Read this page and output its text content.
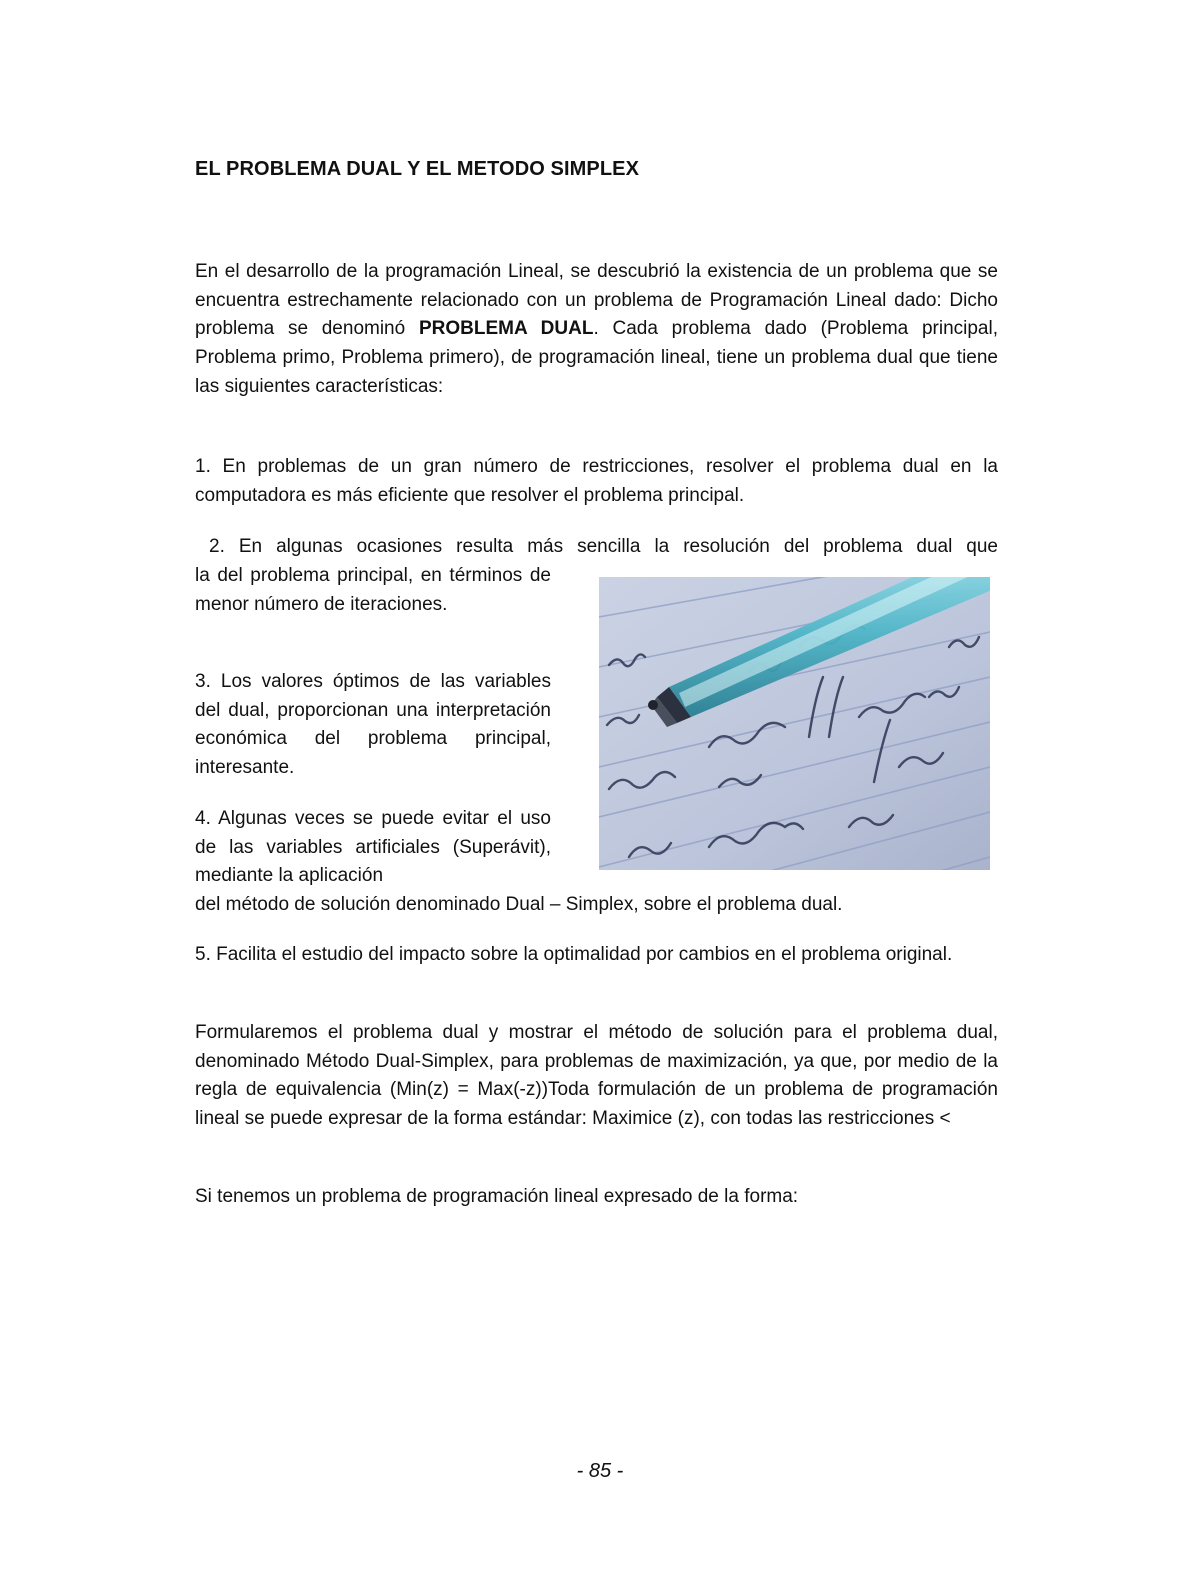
EL PROBLEMA DUAL Y EL METODO SIMPLEX
En el desarrollo de la programación Lineal, se descubrió la existencia de un problema que se encuentra estrechamente relacionado con un problema de Programación Lineal dado: Dicho problema se denominó PROBLEMA DUAL. Cada problema dado (Problema principal, Problema primo, Problema primero), de programación lineal, tiene un problema dual que tiene las siguientes características:
1. En problemas de un gran número de restricciones, resolver el problema dual en la computadora es más eficiente que resolver el problema principal.
2. En algunas ocasiones resulta más sencilla la resolución del problema dual que
la del problema principal, en términos de menor número de iteraciones.
3. Los valores óptimos de las variables del dual, proporcionan una interpretación económica del problema principal, interesante.
4. Algunas veces se puede evitar el uso de las variables artificiales (Superávit), mediante la aplicación
del método de solución denominado Dual – Simplex, sobre el problema dual.
5. Facilita el estudio del impacto sobre la optimalidad por cambios en el problema original.
Formularemos el problema dual y mostrar el método de solución para el problema dual, denominado Método Dual-Simplex, para problemas de maximización, ya que, por medio de la regla de equivalencia (Min(z) = Max(-z))Toda formulación de un problema de programación lineal se puede expresar de la forma estándar: Maximice (z), con todas las restricciones <
Si tenemos un problema de programación lineal expresado de la forma:
- 85 -
